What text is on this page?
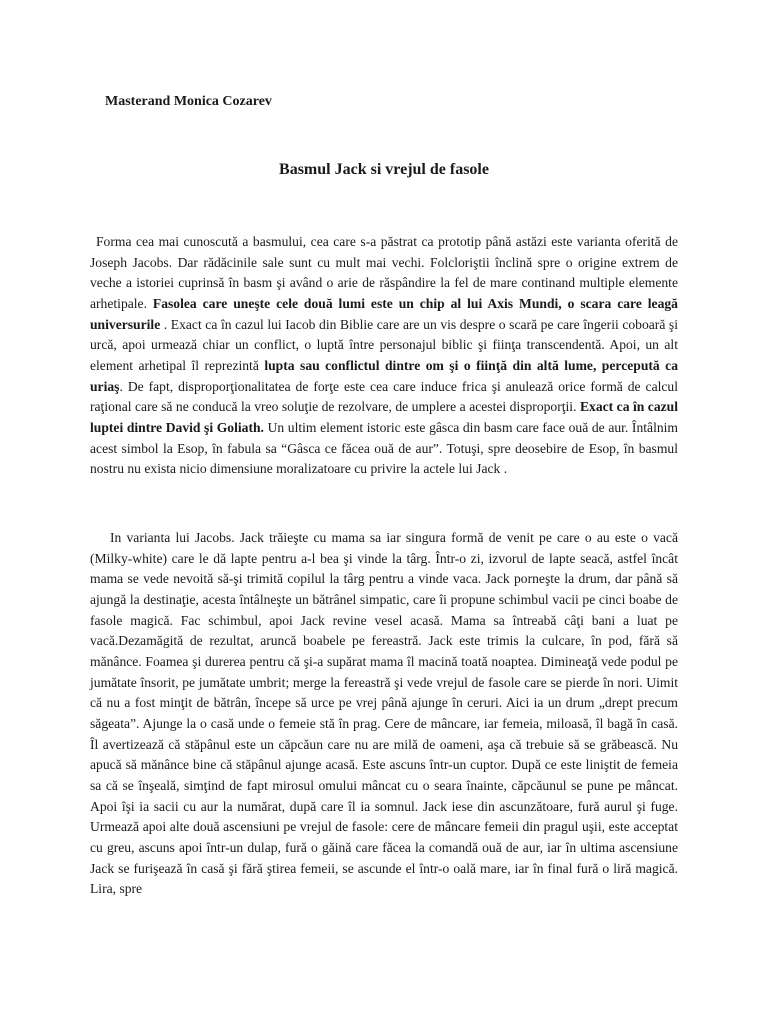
Masterand Monica Cozarev

Basmul Jack si vrejul de fasole

Forma cea mai cunoscută a basmului, cea care s-a păstrat ca prototip până astăzi este varianta oferită de Joseph Jacobs. Dar rădăcinile sale sunt cu mult mai vechi. Folcloriştii înclină spre o origine extrem de veche a istoriei cuprinsă în basm şi având o arie de răspândire la fel de mare continand multiple elemente arhetipale. Fasolea care uneşte cele două lumi este un chip al lui Axis Mundi, o scara care leagă universurile . Exact ca în cazul lui Iacob din Biblie care are un vis despre o scară pe care îngerii coboară şi urcă, apoi urmează chiar un conflict, o luptă între personajul biblic şi fiinţa transcendentă. Apoi, un alt element arhetipal îl reprezintă lupta sau conflictul dintre om şi o fiinţă din altă lume, percepută ca uriaş. De fapt, disproporţionalitatea de forţe este cea care induce frica şi anulează orice formă de calcul raţional care să ne conducă la vreo soluţie de rezolvare, de umplere a acestei disproporţii. Exact ca în cazul luptei dintre David şi Goliath. Un ultim element istoric este gâsca din basm care face ouă de aur. Întâlnim acest simbol la Esop, în fabula sa “Gâsca ce făcea ouă de aur”. Totuşi, spre deosebire de Esop, în basmul nostru nu exista nicio dimensiune moralizatoare cu privire la actele lui Jack .

In varianta lui Jacobs. Jack trăieşte cu mama sa iar singura formă de venit pe care o au este o vacă (Milky-white) care le dă lapte pentru a-l bea şi vinde la târg. Într-o zi, izvorul de lapte seacă, astfel încât mama se vede nevoită să-şi trimită copilul la târg pentru a vinde vaca. Jack porneşte la drum, dar până să ajungă la destinaţie, acesta întâlneşte un bătrânel simpatic, care îi propune schimbul vacii pe cinci boabe de fasole magică. Fac schimbul, apoi Jack revine vesel acasă. Mama sa întreabă câţi bani a luat pe vacă.Dezamăgită de rezultat, aruncă boabele pe fereastră. Jack este trimis la culcare, în pod, fără să mănânce. Foamea şi durerea pentru că şi-a supărat mama îl macină toată noaptea. Dimineaţă vede podul pe jumătate însorit, pe jumătate umbrit; merge la fereastră şi vede vrejul de fasole care se pierde în nori. Uimit că nu a fost minţit de bătrân, începe să urce pe vrej până ajunge în ceruri. Aici ia un drum „drept precum săgeata”. Ajunge la o casă unde o femeie stă în prag. Cere de mâncare, iar femeia, miloasă, îl bagă în casă. Îl avertizează că stăpânul este un căpcăun care nu are milă de oameni, aşa că trebuie să se grăbească. Nu apucă să mănânce bine că stăpânul ajunge acasă. Este ascuns într-un cuptor. După ce este liniştit de femeia sa că se înşeală, simţind de fapt mirosul omului mâncat cu o seara înainte, căpcăunul se pune pe mâncat. Apoi îşi ia sacii cu aur la numărat, după care îl ia somnul. Jack iese din ascunzătoare, fură aurul şi fuge. Urmează apoi alte două ascensiuni pe vrejul de fasole: cere de mâncare femeii din pragul uşii, este acceptat cu greu, ascuns apoi într-un dulap, fură o găină care făcea la comandă ouă de aur, iar în ultima ascensiune Jack se furişează în casă şi fără ştirea femeii, se ascunde el într-o oală mare, iar în final fură o liră magică. Lira, spre
